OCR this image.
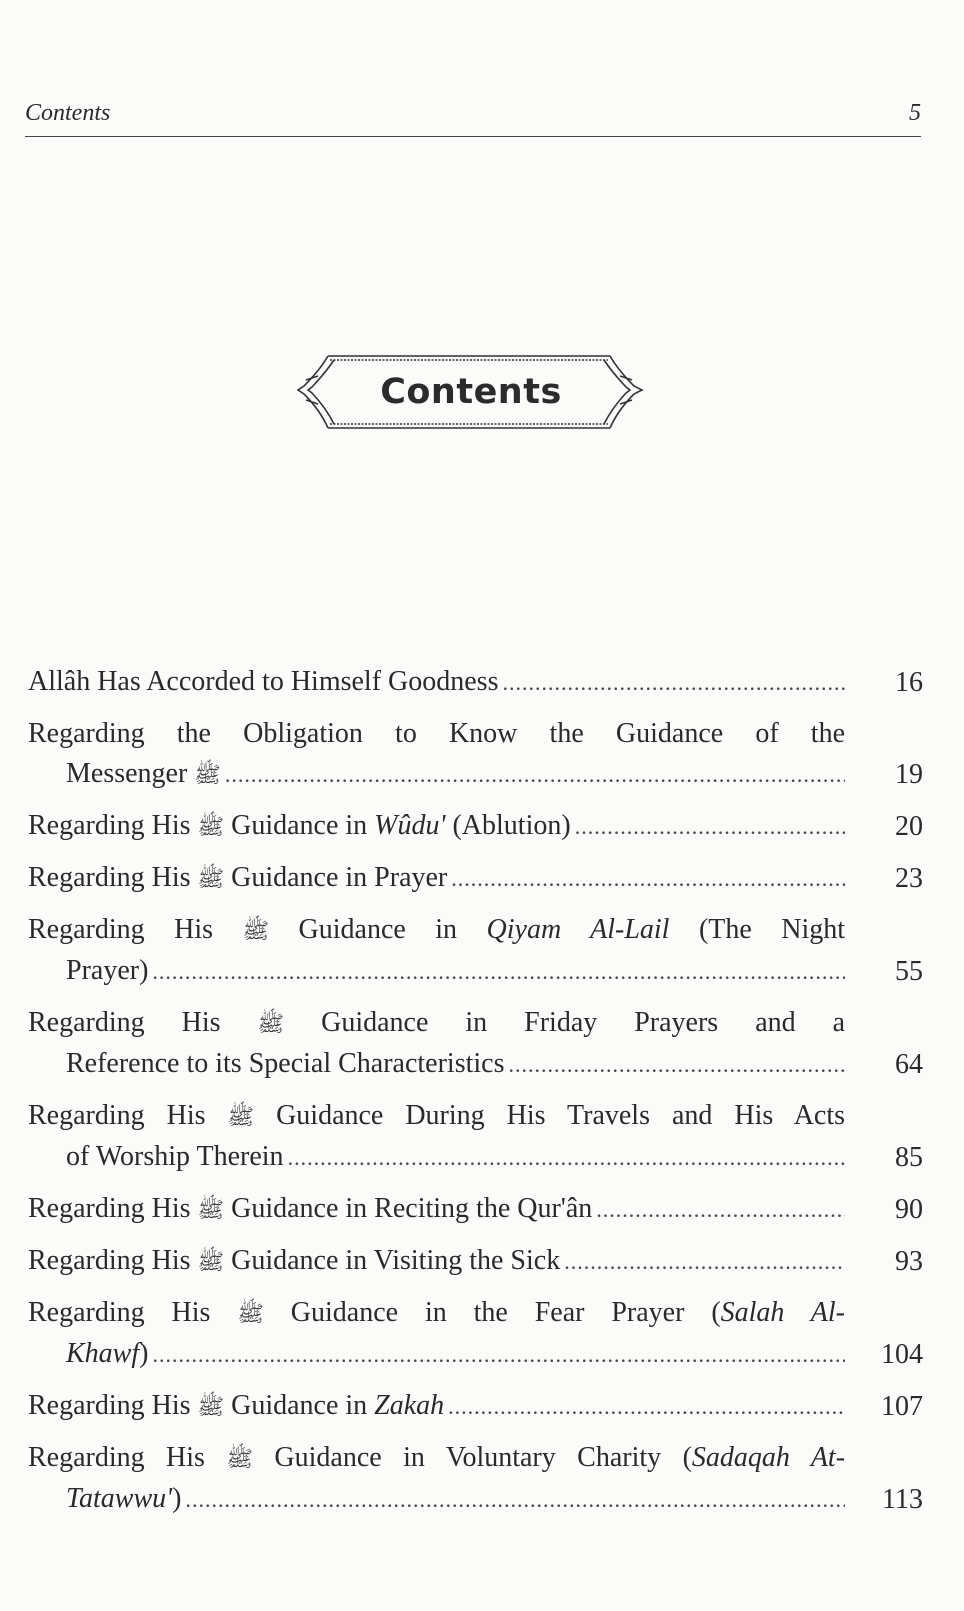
Contents	5
Contents
Allâh Has Accorded to Himself Goodness .....	16
Regarding the Obligation to Know the Guidance of the
Messenger
ﷺ .....	19
Regarding His
ﷺ
Guidance in
Wûdu'
(Ablution) .....	20
Regarding His
ﷺ
Guidance in Prayer .....	23
Regarding His ﷺ Guidance in Qiyam Al-Lail (The Night
Prayer) .....	55
Regarding His ﷺ Guidance in Friday Prayers and a
Reference to its Special Characteristics .....	64
Regarding His ﷺ Guidance During His Travels and His Acts
of Worship Therein .....	85
Regarding His
ﷺ
Guidance in Reciting the Qur'ân .....	90
Regarding His
ﷺ
Guidance in Visiting the Sick .....	93
Regarding His ﷺ Guidance in the Fear Prayer (Salah Al-
Khawf ) .....	104
Regarding His
ﷺ
Guidance in
Zakah .....	107
Regarding His ﷺ Guidance in Voluntary Charity (Sadaqah At-
Tatawwu' ) .....	113
